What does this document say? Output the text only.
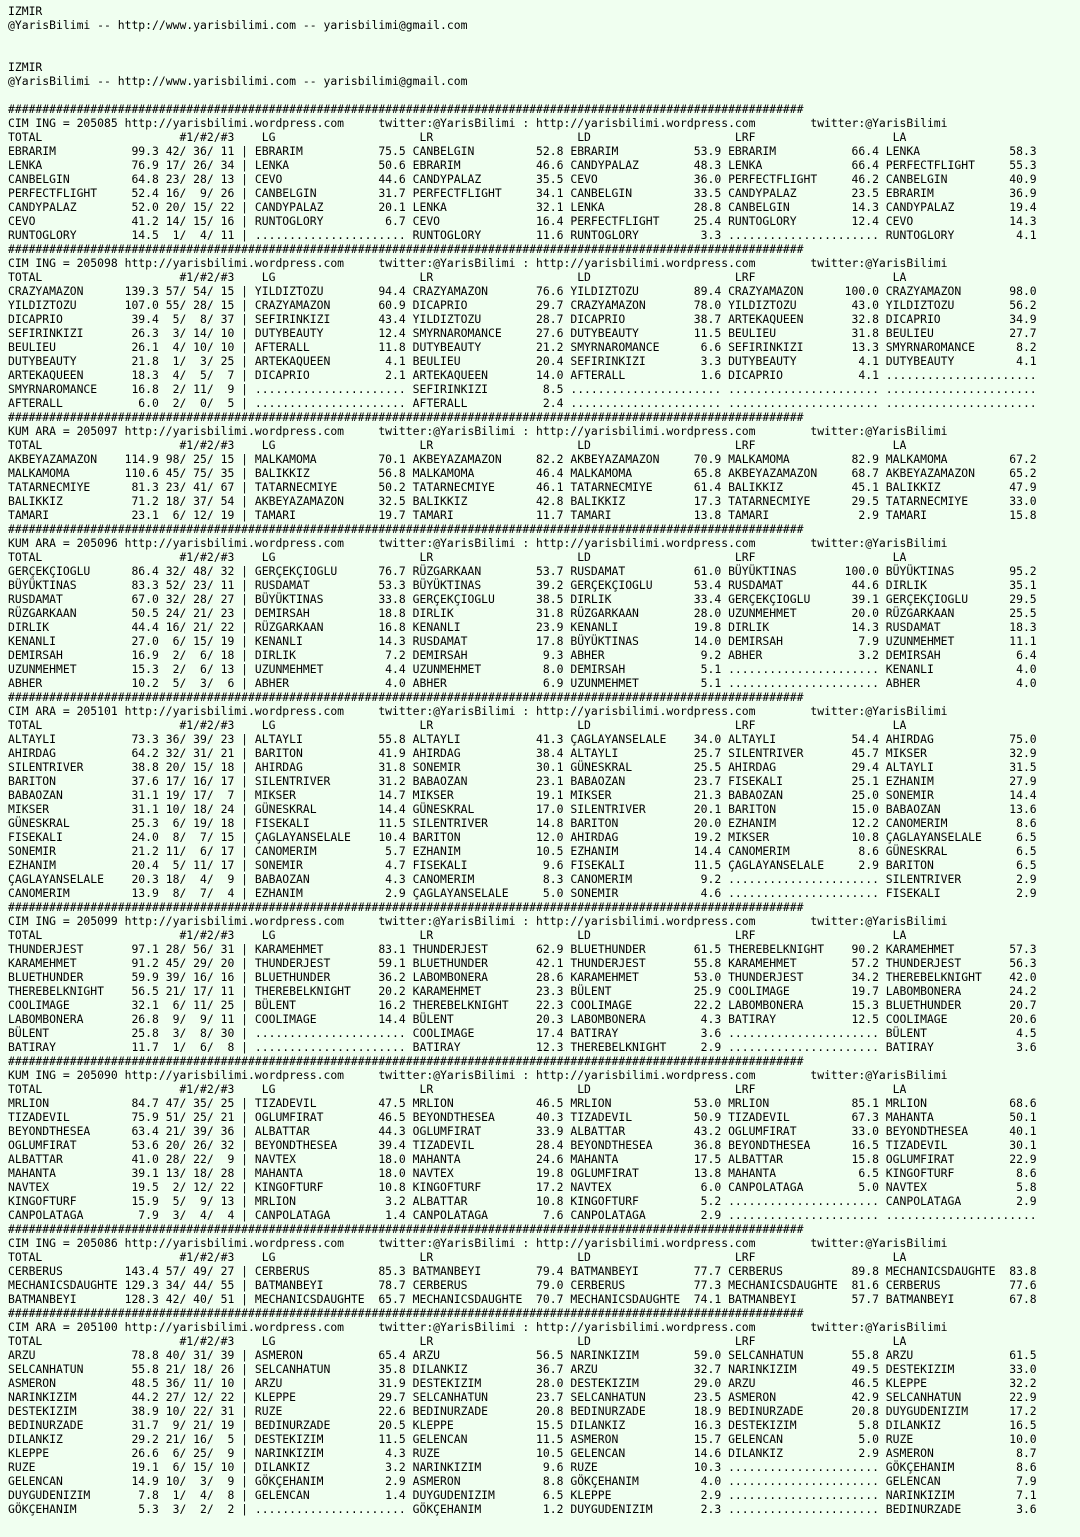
IZMIR
@YarisBilimi -- http://www.yarisbilimi.com -- yarisbilimi@gmail.com
IZMIR
@YarisBilimi -- http://www.yarisbilimi.com -- yarisbilimi@gmail.com

####################################################################################################################
CIM ING = 205085 http://yarisbilimi.wordpress.com     twitter:@YarisBilimi : http://yarisbilimi.wordpress.com        twitter:@YarisBilimi
TOTAL                    #1/#2/#3    LG                     LR                     LD                     LRF                    LA
EBRARIM           99.3 42/ 36/ 11 | EBRARIM           75.5 CANBELGIN         52.8 EBRARIM           53.9 EBRARIM           66.4 LENKA             58.3
LENKA             76.9 17/ 26/ 34 | LENKA             50.6 EBRARIM           46.6 CANDYPALAZ        48.3 LENKA             66.4 PERFECTFLIGHT     55.3
CANBELGIN         64.8 23/ 28/ 13 | CEVO              44.6 CANDYPALAZ        35.5 CEVO              36.0 PERFECTFLIGHT     46.2 CANBELGIN         40.9
PERFECTFLIGHT     52.4 16/  9/ 26 | CANBELGIN         31.7 PERFECTFLIGHT     34.1 CANBELGIN         33.5 CANDYPALAZ        23.5 EBRARIM           36.9
CANDYPALAZ        52.0 20/ 15/ 22 | CANDYPALAZ        20.1 LENKA             32.1 LENKA             28.8 CANBELGIN         14.3 CANDYPALAZ        19.4
CEVO              41.2 14/ 15/ 16 | RUNTOGLORY         6.7 CEVO              16.4 PERFECTFLIGHT     25.4 RUNTOGLORY        12.4 CEVO              14.3
RUNTOGLORY        14.5  1/  4/ 11 | ...................... RUNTOGLORY        11.6 RUNTOGLORY         3.3 ...................... RUNTOGLORY         4.1
####################################################################################################################
CIM ING = 205098 http://yarisbilimi.wordpress.com     twitter:@YarisBilimi : http://yarisbilimi.wordpress.com        twitter:@YarisBilimi
TOTAL                    #1/#2/#3    LG                     LR                     LD                     LRF                    LA
CRAZYAMAZON      139.3 57/ 54/ 15 | YILDIZTOZU        94.4 CRAZYAMAZON       76.6 YILDIZTOZU        89.4 CRAZYAMAZON      100.0 CRAZYAMAZON       98.0
YILDIZTOZU       107.0 55/ 28/ 15 | CRAZYAMAZON       60.9 DICAPRIO          29.7 CRAZYAMAZON       78.0 YILDIZTOZU        43.0 YILDIZTOZU        56.2
DICAPRIO          39.4  5/  8/ 37 | SEFIRINKIZI       43.4 YILDIZTOZU        28.7 DICAPRIO          38.7 ARTEKAQUEEN       32.8 DICAPRIO          34.9
SEFIRINKIZI       26.3  3/ 14/ 10 | DUTYBEAUTY        12.4 SMYRNAROMANCE     27.6 DUTYBEAUTY        11.5 BEULIEU           31.8 BEULIEU           27.7
BEULIEU           26.1  4/ 10/ 10 | AFTERALL          11.8 DUTYBEAUTY        21.2 SMYRNAROMANCE      6.6 SEFIRINKIZI       13.3 SMYRNAROMANCE      8.2
DUTYBEAUTY        21.8  1/  3/ 25 | ARTEKAQUEEN        4.1 BEULIEU           20.4 SEFIRINKIZI        3.3 DUTYBEAUTY         4.1 DUTYBEAUTY         4.1
ARTEKAQUEEN       18.3  4/  5/  7 | DICAPRIO           2.1 ARTEKAQUEEN       14.0 AFTERALL           1.6 DICAPRIO           4.1 ......................
SMYRNAROMANCE     16.8  2/ 11/  9 | ...................... SEFIRINKIZI        8.5 ...................... ...................... ......................
AFTERALL           6.0  2/  0/  5 | ...................... AFTERALL           2.4 ...................... ...................... ......................
####################################################################################################################
KUM ARA = 205097 http://yarisbilimi.wordpress.com     twitter:@YarisBilimi : http://yarisbilimi.wordpress.com        twitter:@YarisBilimi
TOTAL                    #1/#2/#3    LG                     LR                     LD                     LRF                    LA
AKBEYAZAMAZON    114.9 98/ 25/ 15 | MALKAMOMA         70.1 AKBEYAZAMAZON     82.2 AKBEYAZAMAZON     70.9 MALKAMOMA         82.9 MALKAMOMA         67.2
MALKAMOMA        110.6 45/ 75/ 35 | BALIKKIZ          56.8 MALKAMOMA         46.4 MALKAMOMA         65.8 AKBEYAZAMAZON     68.7 AKBEYAZAMAZON     65.2
TATARNECMIYE      81.3 23/ 41/ 67 | TATARNECMIYE      50.2 TATARNECMIYE      46.1 TATARNECMIYE      61.4 BALIKKIZ          45.1 BALIKKIZ          47.9
BALIKKIZ          71.2 18/ 37/ 54 | AKBEYAZAMAZON     32.5 BALIKKIZ          42.8 BALIKKIZ          17.3 TATARNECMIYE      29.5 TATARNECMIYE      33.0
TAMARI            23.1  6/ 12/ 19 | TAMARI            19.7 TAMARI            11.7 TAMARI            13.8 TAMARI             2.9 TAMARI            15.8
####################################################################################################################
KUM ARA = 205096 http://yarisbilimi.wordpress.com     twitter:@YarisBilimi : http://yarisbilimi.wordpress.com        twitter:@YarisBilimi
TOTAL                    #1/#2/#3    LG                     LR                     LD                     LRF                    LA
GERÇEKÇIOGLU      86.4 32/ 48/ 32 | GERÇEKÇIOGLU      76.7 RÜZGARKAAN        53.7 RUSDAMAT          61.0 BÜYÜKTINAS       100.0 BÜYÜKTINAS        95.2
BÜYÜKTINAS        83.3 52/ 23/ 11 | RUSDAMAT          53.3 BÜYÜKTINAS        39.2 GERÇEKÇIOGLU      53.4 RUSDAMAT          44.6 DIRLIK            35.1
RUSDAMAT          67.0 32/ 28/ 27 | BÜYÜKTINAS        33.8 GERÇEKÇIOGLU      38.5 DIRLIK            33.4 GERÇEKÇIOGLU      39.1 GERÇEKÇIOGLU      29.5
RÜZGARKAAN        50.5 24/ 21/ 23 | DEMIRSAH          18.8 DIRLIK            31.8 RÜZGARKAAN        28.0 UZUNMEHMET        20.0 RÜZGARKAAN        25.5
DIRLIK            44.4 16/ 21/ 22 | RÜZGARKAAN        16.8 KENANLI           23.9 KENANLI           19.8 DIRLIK            14.3 RUSDAMAT          18.3
KENANLI           27.0  6/ 15/ 19 | KENANLI           14.3 RUSDAMAT          17.8 BÜYÜKTINAS        14.0 DEMIRSAH           7.9 UZUNMEHMET        11.1
DEMIRSAH          16.9  2/  6/ 18 | DIRLIK             7.2 DEMIRSAH           9.3 ABHER              9.2 ABHER              3.2 DEMIRSAH           6.4
UZUNMEHMET        15.3  2/  6/ 13 | UZUNMEHMET         4.4 UZUNMEHMET         8.0 DEMIRSAH           5.1 ...................... KENANLI            4.0
ABHER             10.2  5/  3/  6 | ABHER              4.0 ABHER              6.9 UZUNMEHMET         5.1 ...................... ABHER              4.0
####################################################################################################################
CIM ARA = 205101 http://yarisbilimi.wordpress.com     twitter:@YarisBilimi : http://yarisbilimi.wordpress.com        twitter:@YarisBilimi
TOTAL                    #1/#2/#3    LG                     LR                     LD                     LRF                    LA
ALTAYLI           73.3 36/ 39/ 23 | ALTAYLI           55.8 ALTAYLI           41.3 ÇAGLAYANSELALE    34.0 ALTAYLI           54.4 AHIRDAG           75.0
AHIRDAG           64.2 32/ 31/ 21 | BARITON           41.9 AHIRDAG           38.4 ALTAYLI           25.7 SILENTRIVER       45.7 MIKSER            32.9
SILENTRIVER       38.8 20/ 15/ 18 | AHIRDAG           31.8 SONEMIR           30.1 GÜNESKRAL         25.5 AHIRDAG           29.4 ALTAYLI           31.5
BARITON           37.6 17/ 16/ 17 | SILENTRIVER       31.2 BABAOZAN          23.1 BABAOZAN          23.7 FISEKALI          25.1 EZHANIM           27.9
BABAOZAN          31.1 19/ 17/  7 | MIKSER            14.7 MIKSER            19.1 MIKSER            21.3 BABAOZAN          25.0 SONEMIR           14.4
MIKSER            31.1 10/ 18/ 24 | GÜNESKRAL         14.4 GÜNESKRAL         17.0 SILENTRIVER       20.1 BARITON           15.0 BABAOZAN          13.6
GÜNESKRAL         25.3  6/ 19/ 18 | FISEKALI          11.5 SILENTRIVER       14.8 BARITON           20.0 EZHANIM           12.2 CANOMERIM          8.6
FISEKALI          24.0  8/  7/ 15 | ÇAGLAYANSELALE    10.4 BARITON           12.0 AHIRDAG           19.2 MIKSER            10.8 ÇAGLAYANSELALE     6.5
SONEMIR           21.2 11/  6/ 17 | CANOMERIM          5.7 EZHANIM           10.5 EZHANIM           14.4 CANOMERIM          8.6 GÜNESKRAL          6.5
EZHANIM           20.4  5/ 11/ 17 | SONEMIR            4.7 FISEKALI           9.6 FISEKALI          11.5 ÇAGLAYANSELALE     2.9 BARITON            6.5
ÇAGLAYANSELALE    20.3 18/  4/  9 | BABAOZAN           4.3 CANOMERIM          8.3 CANOMERIM          9.2 ...................... SILENTRIVER        2.9
CANOMERIM         13.9  8/  7/  4 | EZHANIM            2.9 ÇAGLAYANSELALE     5.0 SONEMIR            4.6 ...................... FISEKALI           2.9
####################################################################################################################
CIM ING = 205099 http://yarisbilimi.wordpress.com     twitter:@YarisBilimi : http://yarisbilimi.wordpress.com        twitter:@YarisBilimi
TOTAL                    #1/#2/#3    LG                     LR                     LD                     LRF                    LA
THUNDERJEST       97.1 28/ 56/ 31 | KARAMEHMET        83.1 THUNDERJEST       62.9 BLUETHUNDER       61.5 THEREBELKNIGHT    90.2 KARAMEHMET        57.3
KARAMEHMET        91.2 45/ 29/ 20 | THUNDERJEST       59.1 BLUETHUNDER       42.1 THUNDERJEST       55.8 KARAMEHMET        57.2 THUNDERJEST       56.3
BLUETHUNDER       59.9 39/ 16/ 16 | BLUETHUNDER       36.2 LABOMBONERA       28.6 KARAMEHMET        53.0 THUNDERJEST       34.2 THEREBELKNIGHT    42.0
THEREBELKNIGHT    56.5 21/ 17/ 11 | THEREBELKNIGHT    20.2 KARAMEHMET        23.3 BÜLENT            25.9 COOLIMAGE         19.7 LABOMBONERA       24.2
COOLIMAGE         32.1  6/ 11/ 25 | BÜLENT            16.2 THEREBELKNIGHT    22.3 COOLIMAGE         22.2 LABOMBONERA       15.3 BLUETHUNDER       20.7
LABOMBONERA       26.8  9/  9/ 11 | COOLIMAGE         14.4 BÜLENT            20.3 LABOMBONERA        4.3 BATIRAY           12.5 COOLIMAGE         20.6
BÜLENT            25.8  3/  8/ 30 | ...................... COOLIMAGE         17.4 BATIRAY            3.6 ...................... BÜLENT             4.5
BATIRAY           11.7  1/  6/  8 | ...................... BATIRAY           12.3 THEREBELKNIGHT     2.9 ...................... BATIRAY            3.6
####################################################################################################################
KUM ING = 205090 http://yarisbilimi.wordpress.com     twitter:@YarisBilimi : http://yarisbilimi.wordpress.com        twitter:@YarisBilimi
TOTAL                    #1/#2/#3    LG                     LR                     LD                     LRF                    LA
MRLION            84.7 47/ 35/ 25 | TIZADEVIL         47.5 MRLION            46.5 MRLION            53.0 MRLION            85.1 MRLION            68.6
TIZADEVIL         75.9 51/ 25/ 21 | OGLUMFIRAT        46.5 BEYONDTHESEA      40.3 TIZADEVIL         50.9 TIZADEVIL         67.3 MAHANTA           50.1
BEYONDTHESEA      63.4 21/ 39/ 36 | ALBATTAR          44.3 OGLUMFIRAT        33.9 ALBATTAR          43.2 OGLUMFIRAT        33.0 BEYONDTHESEA      40.1
OGLUMFIRAT        53.6 20/ 26/ 32 | BEYONDTHESEA      39.4 TIZADEVIL         28.4 BEYONDTHESEA      36.8 BEYONDTHESEA      16.5 TIZADEVIL         30.1
ALBATTAR          41.0 28/ 22/  9 | NAVTEX            18.0 MAHANTA           24.6 MAHANTA           17.5 ALBATTAR          15.8 OGLUMFIRAT        22.9
MAHANTA           39.1 13/ 18/ 28 | MAHANTA           18.0 NAVTEX            19.8 OGLUMFIRAT        13.8 MAHANTA            6.5 KINGOFTURF         8.6
NAVTEX            19.5  2/ 12/ 22 | KINGOFTURF        10.8 KINGOFTURF        17.2 NAVTEX             6.0 CANPOLATAGA        5.0 NAVTEX             5.8
KINGOFTURF        15.9  5/  9/ 13 | MRLION             3.2 ALBATTAR          10.8 KINGOFTURF         5.2 ...................... CANPOLATAGA        2.9
CANPOLATAGA        7.9  3/  4/  4 | CANPOLATAGA        1.4 CANPOLATAGA        7.6 CANPOLATAGA        2.9 ...................... ......................
####################################################################################################################
CIM ING = 205086 http://yarisbilimi.wordpress.com     twitter:@YarisBilimi : http://yarisbilimi.wordpress.com        twitter:@YarisBilimi
TOTAL                    #1/#2/#3    LG                     LR                     LD                     LRF                    LA
CERBERUS         143.4 57/ 49/ 27 | CERBERUS          85.3 BATMANBEYI        79.4 BATMANBEYI        77.7 CERBERUS          89.8 MECHANICSDAUGHTE  83.8
MECHANICSDAUGHTE 129.3 34/ 44/ 55 | BATMANBEYI        78.7 CERBERUS          79.0 CERBERUS          77.3 MECHANICSDAUGHTE  81.6 CERBERUS          77.6
BATMANBEYI       128.3 42/ 40/ 51 | MECHANICSDAUGHTE  65.7 MECHANICSDAUGHTE  70.7 MECHANICSDAUGHTE  74.1 BATMANBEYI        57.7 BATMANBEYI        67.8
####################################################################################################################
CIM ARA = 205100 http://yarisbilimi.wordpress.com     twitter:@YarisBilimi : http://yarisbilimi.wordpress.com        twitter:@YarisBilimi
TOTAL                    #1/#2/#3    LG                     LR                     LD                     LRF                    LA
ARZU              78.8 40/ 31/ 39 | ASMERON           65.4 ARZU              56.5 NARINKIZIM        59.0 SELCANHATUN       55.8 ARZU              61.5
SELCANHATUN       55.8 21/ 18/ 26 | SELCANHATUN       35.8 DILANKIZ          36.7 ARZU              32.7 NARINKIZIM        49.5 DESTEKIZIM        33.0
ASMERON           48.5 36/ 11/ 10 | ARZU              31.9 DESTEKIZIM        28.0 DESTEKIZIM        29.0 ARZU              46.5 KLEPPE            32.2
NARINKIZIM        44.2 27/ 12/ 22 | KLEPPE            29.7 SELCANHATUN       23.7 SELCANHATUN       23.5 ASMERON           42.9 SELCANHATUN       22.9
DESTEKIZIM        38.9 10/ 22/ 31 | RUZE              22.6 BEDINURZADE       20.8 BEDINURZADE       18.9 BEDINURZADE       20.8 DUYGUDENIZIM      17.2
BEDINURZADE       31.7  9/ 21/ 19 | BEDINURZADE       20.5 KLEPPE            15.5 DILANKIZ          16.3 DESTEKIZIM         5.8 DILANKIZ          16.5
DILANKIZ          29.2 21/ 16/  5 | DESTEKIZIM        11.5 GELENCAN          11.5 ASMERON           15.7 GELENCAN           5.0 RUZE              10.0
KLEPPE            26.6  6/ 25/  9 | NARINKIZIM         4.3 RUZE              10.5 GELENCAN          14.6 DILANKIZ           2.9 ASMERON            8.7
RUZE              19.1  6/ 15/ 10 | DILANKIZ           3.2 NARINKIZIM         9.6 RUZE              10.3 ...................... GÖKÇEHANIM         8.6
GELENCAN          14.9 10/  3/  9 | GÖKÇEHANIM         2.9 ASMERON            8.8 GÖKÇEHANIM         4.0 ...................... GELENCAN           7.9
DUYGUDENIZIM       7.8  1/  4/  8 | GELENCAN           1.4 DUYGUDENIZIM       6.5 KLEPPE             2.9 ...................... NARINKIZIM         7.1
GÖKÇEHANIM         5.3  3/  2/  2 | ...................... GÖKÇEHANIM         1.2 DUYGUDENIZIM       2.3 ...................... BEDINURZADE        3.6
